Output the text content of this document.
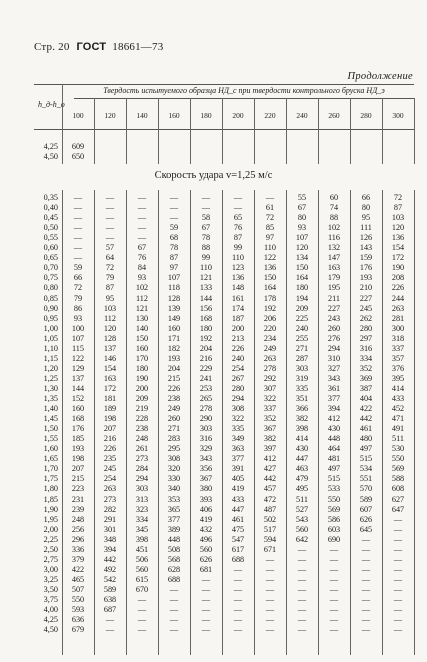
Стр. 20 ГОСТ 18661—73
Продолжение
Твердость испытуемого образца HД_с при твердости контрольного бруска HД_э
h_д-h_о
100	120	140	160	180	200	220	240	260	280	300
4,25	609
4,50	650
Скорость удара v=1,25 м/с
0,35	—	—	—	—	—	—	—	55	60	66	72
0,40	—	—	—	—	—	—	61	67	74	80	87
0,45	—	—	—	—	58	65	72	80	88	95	103
0,50	—	—	—	59	67	76	85	93	102	111	120
0,55	—	—	—	68	78	87	97	107	116	126	136
0,60	—	57	67	78	88	99	110	120	132	143	154
0,65	—	64	76	87	99	110	122	134	147	159	172
0,70	59	72	84	97	110	123	136	150	163	176	190
0,75	66	79	93	107	121	136	150	164	179	193	208
0,80	72	87	102	118	133	148	164	180	195	210	226
0,85	79	95	112	128	144	161	178	194	211	227	244
0,90	86	103	121	139	156	174	192	209	227	245	263
0,95	93	112	130	149	168	187	206	225	243	262	281
1,00	100	120	140	160	180	200	220	240	260	280	300
1,05	107	128	150	171	192	213	234	255	276	297	318
1,10	115	137	160	182	204	226	249	271	294	316	337
1,15	122	146	170	193	216	240	263	287	310	334	357
1,20	129	154	180	204	229	254	278	303	327	352	376
1,25	137	163	190	215	241	267	292	319	343	369	395
1,30	144	172	200	226	253	280	307	335	361	387	414
1,35	152	181	209	238	265	294	322	351	377	404	433
1,40	160	189	219	249	278	308	337	366	394	422	452
1,45	168	198	228	260	290	322	352	382	412	442	471
1,50	176	207	238	271	303	335	367	398	430	461	491
1,55	185	216	248	283	316	349	382	414	448	480	511
1,60	193	226	261	295	329	363	397	430	464	497	530
1,65	198	235	273	308	343	377	412	447	481	515	550
1,70	207	245	284	320	356	391	427	463	497	534	569
1,75	215	254	294	330	367	405	442	479	515	551	588
1,80	223	263	303	340	380	419	457	495	533	570	608
1,85	231	273	313	353	393	433	472	511	550	589	627
1,90	239	282	323	365	406	447	487	527	569	607	647
1,95	248	291	334	377	419	461	502	543	586	626	—
2,00	256	301	345	389	432	475	517	560	603	645	—
2,25	296	348	398	448	496	547	594	642	690	—	—
2,50	336	394	451	508	560	617	671	—	—	—	—
2,75	379	442	506	568	626	688	—	—	—	—	—
3,00	422	492	560	628	681	—	—	—	—	—	—
3,25	465	542	615	688	—	—	—	—	—	—	—
3,50	507	589	670	—	—	—	—	—	—	—	—
3,75	550	638	—	—	—	—	—	—	—	—	—
4,00	593	687	—	—	—	—	—	—	—	—	—
4,25	636	—	—	—	—	—	—	—	—	—	—
4,50	679	—	—	—	—	—	—	—	—	—	—
